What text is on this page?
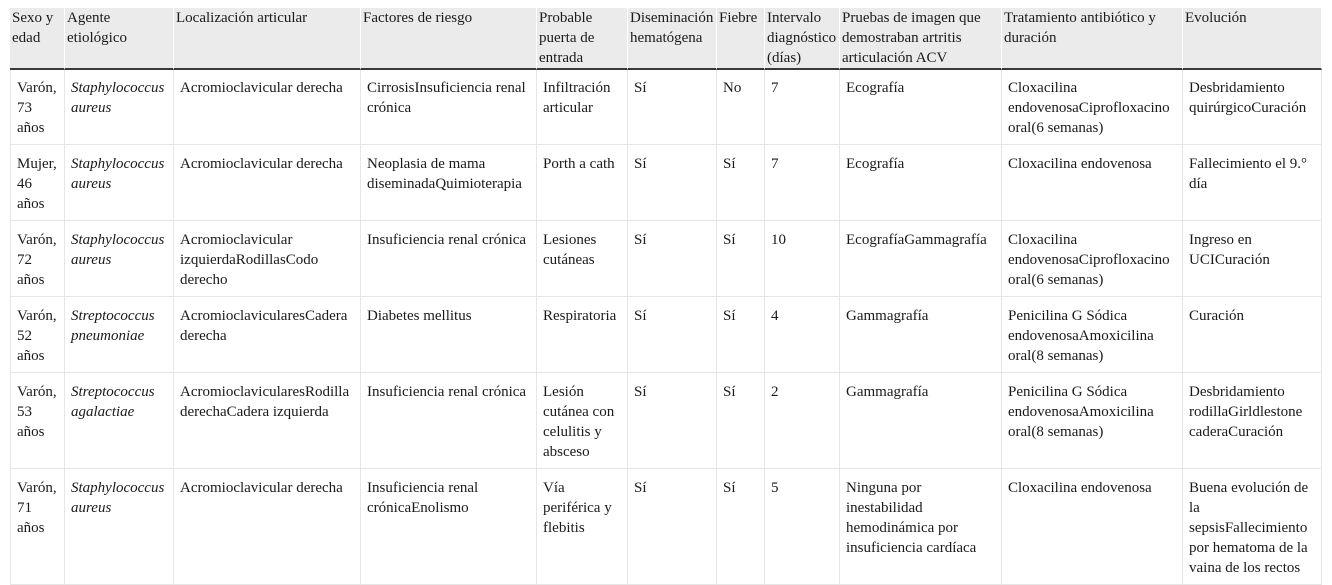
Sexo y edad	Agente etiológico	Localización articular	Factores de riesgo	Probable puerta de entrada	Diseminación hematógena	Fiebre	Intervalo diagnóstico (días)	Pruebas de imagen que demostraban artritis articulación ACV	Tratamiento antibiótico y duración	Evolución
Varón, 73 años	Staphylococcus aureus	Acromioclavicular derecha	CirrosisInsuficiencia renal crónica	Infiltración articular	Sí	No	7	Ecografía	Cloxacilina endovenosaCiprofloxacino oral(6 semanas)	Desbridamiento quirúrgicoCuración
Mujer, 46 años	Staphylococcus aureus	Acromioclavicular derecha	Neoplasia de mama diseminadaQuimioterapia	Porth a cath	Sí	Sí	7	Ecografía	Cloxacilina endovenosa	Fallecimiento el 9.° día
Varón, 72 años	Staphylococcus aureus	Acromioclavicular izquierdaRodillasCodo derecho	Insuficiencia renal crónica	Lesiones cutáneas	Sí	Sí	10	EcografíaGammagrafía	Cloxacilina endovenosaCiprofloxacino oral(6 semanas)	Ingreso en UCICuración
Varón, 52 años	Streptococcus pneumoniae	AcromioclavicularesCadera derecha	Diabetes mellitus	Respiratoria	Sí	Sí	4	Gammagrafía	Penicilina G Sódica endovenosaAmoxicilina oral(8 semanas)	Curación
Varón, 53 años	Streptococcus agalactiae	AcromioclavicularesRodilla derechaCadera izquierda	Insuficiencia renal crónica	Lesión cutánea con celulitis y absceso	Sí	Sí	2	Gammagrafía	Penicilina G Sódica endovenosaAmoxicilina oral(8 semanas)	Desbridamiento rodillaGirldlestone caderaCuración
Varón, 71 años	Staphylococcus aureus	Acromioclavicular derecha	Insuficiencia renal crónicaEnolismo	Vía periférica y flebitis	Sí	Sí	5	Ninguna por inestabilidad hemodinámica por insuficiencia cardíaca	Cloxacilina endovenosa	Buena evolución de la sepsisFallecimiento por hematoma de la vaina de los rectos
